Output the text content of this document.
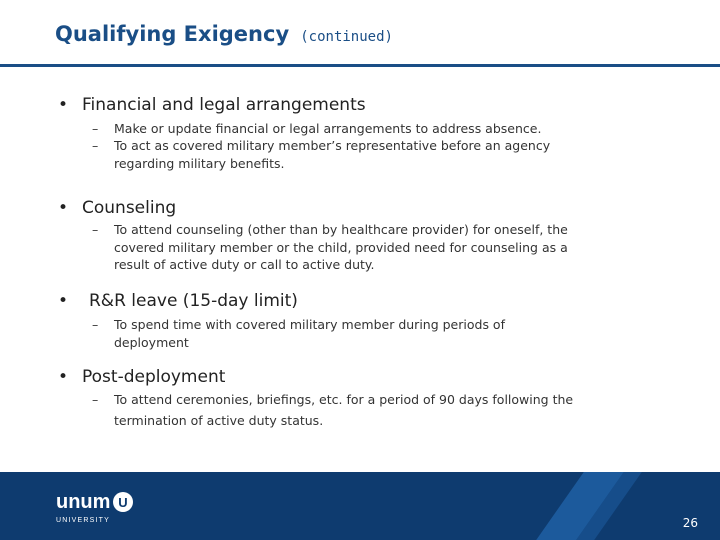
Qualifying Exigency (continued)
• Financial and legal arrangements
–	Make or update financial or legal arrangements to address absence.
–	To act as covered military member’s representative before an agency
regarding military benefits.
• Counseling
–	To attend counseling (other than by healthcare provider) for oneself, the
covered military member or the child, provided need for counseling as a
result of active duty or call to active duty.
• R&R leave (15-day limit)
–	To spend time with covered military member during periods of
deployment
• Post-deployment
–	To attend ceremonies, briefings, etc. for a period of 90 days following the
termination of active duty status.
unum U
UNIVERSITY	26
